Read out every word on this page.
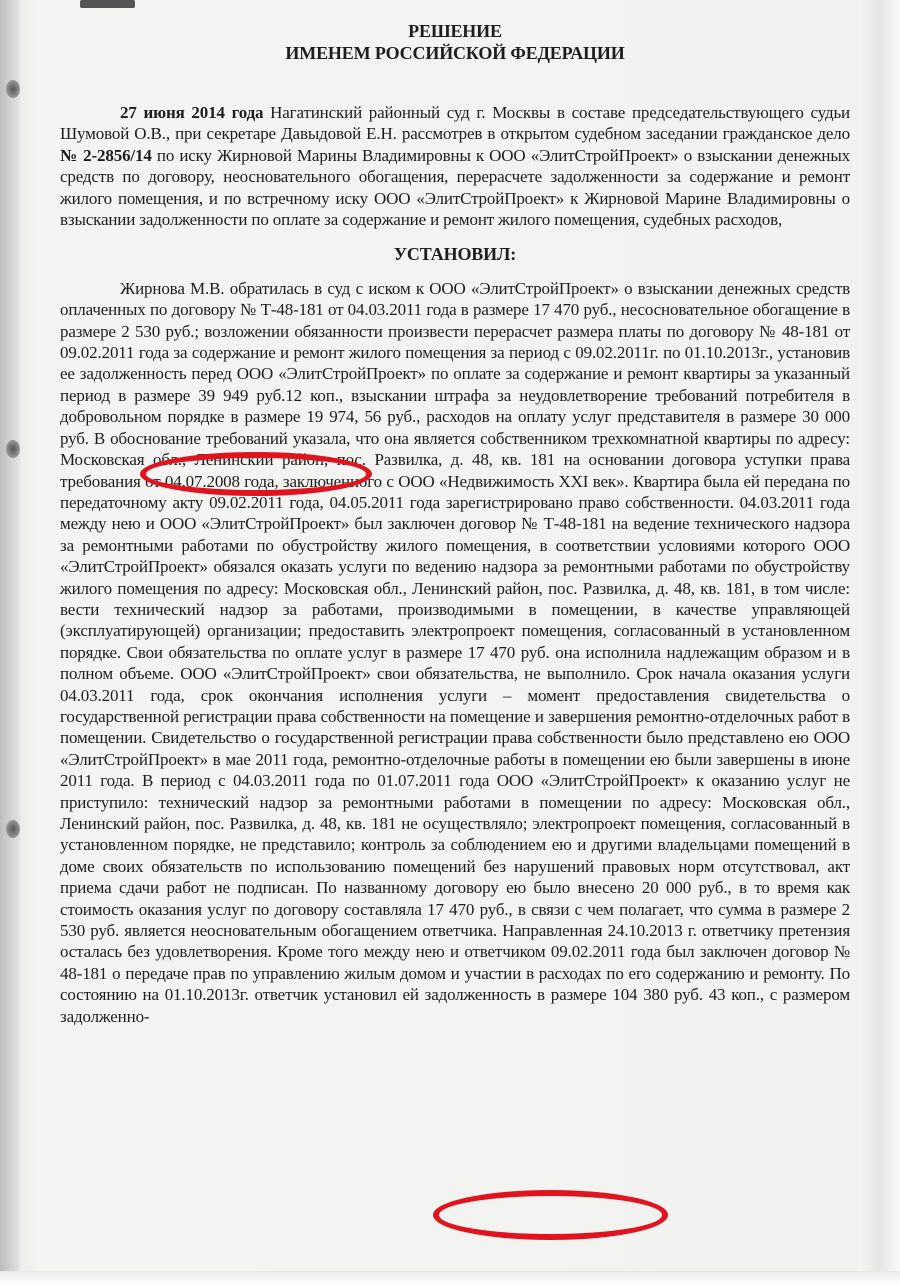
РЕШЕНИЕ

ИМЕНЕМ РОССИЙСКОЙ ФЕДЕРАЦИИ

27 июня 2014 года Нагатинский районный суд г. Москвы в составе председательствующего судьи Шумовой О.В., при секретаре Давыдовой Е.Н. рассмотрев в открытом судебном заседании гражданское дело № 2-2856/14 по иску Жирновой Марины Владимировны к ООО «ЭлитСтройПроект» о взыскании денежных средств по договору, неосновательного обогащения, перерасчете задолженности за содержание и ремонт жилого помещения, и по встречному иску ООО «ЭлитСтройПроект» к Жирновой Марине Владимировны о взыскании задолженности по оплате за содержание и ремонт жилого помещения, судебных расходов,

УСТАНОВИЛ:

Жирнова М.В. обратилась в суд с иском к ООО «ЭлитСтройПроект» о взыскании денежных средств оплаченных по договору № Т-48-181 от 04.03.2011 года в размере 17 470 руб., несосновательное обогащение в размере 2 530 руб.; возложении обязанности произвести перерасчет размера платы по договору № 48-181 от 09.02.2011 года за содержание и ремонт жилого помещения за период с 09.02.2011г. по 01.10.2013г., установив ее задолженность перед ООО «ЭлитСтройПроект» по оплате за содержание и ремонт квартиры за указанный период в размере 39 949 руб.12 коп., взыскании штрафа за неудовлетворение требований потребителя в добровольном порядке в размере 19 974, 56 руб., расходов на оплату услуг представителя в размере 30 000 руб. В обоснование требований указала, что она является собственником трехкомнатной квартиры по адресу: Московская обл., Ленинский район, пос. Развилка, д. 48, кв. 181 на основании договора уступки права требования от 04.07.2008 года, заключенного с ООО «Недвижимость XXI век». Квартира была ей передана по передаточному акту 09.02.2011 года, 04.05.2011 года зарегистрировано право собственности. 04.03.2011 года между нею и ООО «ЭлитСтройПроект» был заключен договор № Т-48-181 на ведение технического надзора за ремонтными работами по обустройству жилого помещения, в соответствии условиями которого ООО «ЭлитСтройПроект» обязался оказать услуги по ведению надзора за ремонтными работами по обустройству жилого помещения по адресу: Московская обл., Ленинский район, пос. Развилка, д. 48, кв. 181, в том числе: вести технический надзор за работами, производимыми в помещении, в качестве управляющей (эксплуатирующей) организации; предоставить электропроект помещения, согласованный в установленном порядке. Свои обязательства по оплате услуг в размере 17 470 руб. она исполнила надлежащим образом и в полном объеме. ООО «ЭлитСтройПроект» свои обязательства, не выполнило. Срок начала оказания услуги 04.03.2011 года, срок окончания исполнения услуги – момент предоставления свидетельства о государственной регистрации права собственности на помещение и завершения ремонтно-отделочных работ в помещении. Свидетельство о государственной регистрации права собственности было представлено ею ООО «ЭлитСтройПроект» в мае 2011 года, ремонтно-отделочные работы в помещении ею были завершены в июне 2011 года. В период с 04.03.2011 года по 01.07.2011 года ООО «ЭлитСтройПроект» к оказанию услуг не приступило: технический надзор за ремонтными работами в помещении по адресу: Московская обл., Ленинский район, пос. Развилка, д. 48, кв. 181 не осуществляло; электропроект помещения, согласованный в установленном порядке, не представило; контроль за соблюдением ею и другими владельцами помещений в доме своих обязательств по использованию помещений без нарушений правовых норм отсутствовал, акт приема сдачи работ не подписан. По названному договору ею было внесено 20 000 руб., в то время как стоимость оказания услуг по договору составляла 17 470 руб., в связи с чем полагает, что сумма в размере 2 530 руб. является неосновательным обогащением ответчика. Направленная 24.10.2013 г. ответчику претензия осталась без удовлетворения. Кроме того между нею и ответчиком 09.02.2011 года был заключен договор № 48-181 о передаче прав по управлению жилым домом и участии в расходах по его содержанию и ремонту. По состоянию на 01.10.2013г. ответчик установил ей задолженность в размере 104 380 руб. 43 коп., с размером задолженно-
